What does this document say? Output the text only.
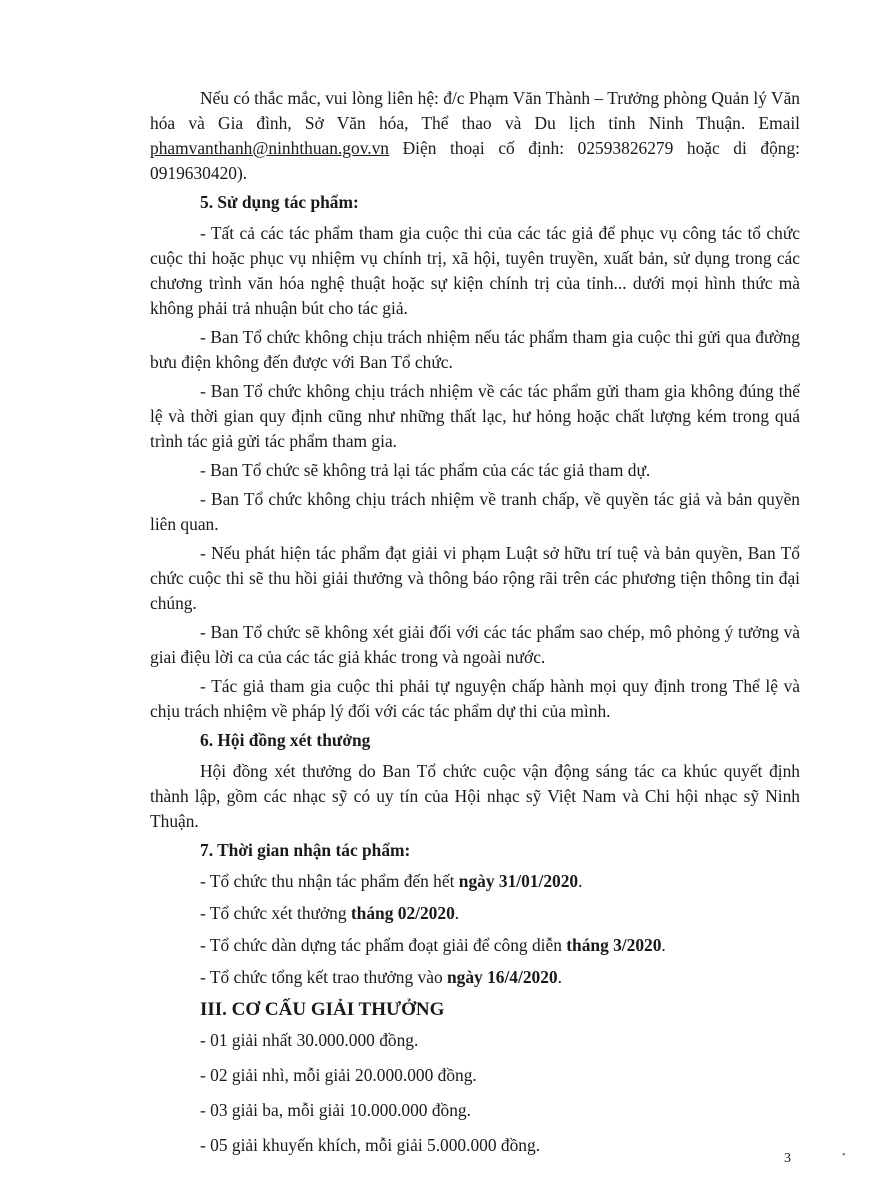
Nếu có thắc mắc, vui lòng liên hệ: đ/c Phạm Văn Thành – Trưởng phòng Quản lý Văn hóa và Gia đình, Sở Văn hóa, Thể thao và Du lịch tỉnh Ninh Thuận. Email phamvanthanh@ninhthuan.gov.vn Điện thoại cố định: 02593826279 hoặc di động: 0919630420).

5. Sử dụng tác phẩm:

- Tất cả các tác phẩm tham gia cuộc thi của các tác giả để phục vụ công tác tổ chức cuộc thi hoặc phục vụ nhiệm vụ chính trị, xã hội, tuyên truyền, xuất bản, sử dụng trong các chương trình văn hóa nghệ thuật hoặc sự kiện chính trị của tỉnh... dưới mọi hình thức mà không phải trả nhuận bút cho tác giả.

- Ban Tổ chức không chịu trách nhiệm nếu tác phẩm tham gia cuộc thi gửi qua đường bưu điện không đến được với Ban Tổ chức.

- Ban Tổ chức không chịu trách nhiệm về các tác phẩm gửi tham gia không đúng thể lệ và thời gian quy định cũng như những thất lạc, hư hỏng hoặc chất lượng kém trong quá trình tác giả gửi tác phẩm tham gia.

- Ban Tổ chức sẽ không trả lại tác phẩm của các tác giả tham dự.

- Ban Tổ chức không chịu trách nhiệm về tranh chấp, về quyền tác giả và bản quyền liên quan.

- Nếu phát hiện tác phẩm đạt giải vi phạm Luật sở hữu trí tuệ và bản quyền, Ban Tổ chức cuộc thi sẽ thu hồi giải thưởng và thông báo rộng rãi trên các phương tiện thông tin đại chúng.

- Ban Tổ chức sẽ không xét giải đối với các tác phẩm sao chép, mô phỏng ý tưởng và giai điệu lời ca của các tác giả khác trong và ngoài nước.

- Tác giả tham gia cuộc thi phải tự nguyện chấp hành mọi quy định trong Thể lệ và chịu trách nhiệm về pháp lý đối với các tác phẩm dự thi của mình.

6. Hội đồng xét thưởng

Hội đồng xét thưởng do Ban Tổ chức cuộc vận động sáng tác ca khúc quyết định thành lập, gồm các nhạc sỹ có uy tín của Hội nhạc sỹ Việt Nam và Chi hội nhạc sỹ Ninh Thuận.

7. Thời gian nhận tác phẩm:

- Tổ chức thu nhận tác phẩm đến hết ngày 31/01/2020.

- Tổ chức xét thưởng tháng 02/2020.

- Tổ chức dàn dựng tác phẩm đoạt giải để công diễn tháng 3/2020.

- Tổ chức tổng kết trao thưởng vào ngày 16/4/2020.

III. CƠ CẤU GIẢI THƯỞNG

- 01 giải nhất 30.000.000 đồng.

- 02 giải nhì, mỗi giải 20.000.000 đồng.

- 03 giải ba, mỗi giải 10.000.000 đồng.

- 05 giải khuyến khích, mỗi giải 5.000.000 đồng.

3	•
